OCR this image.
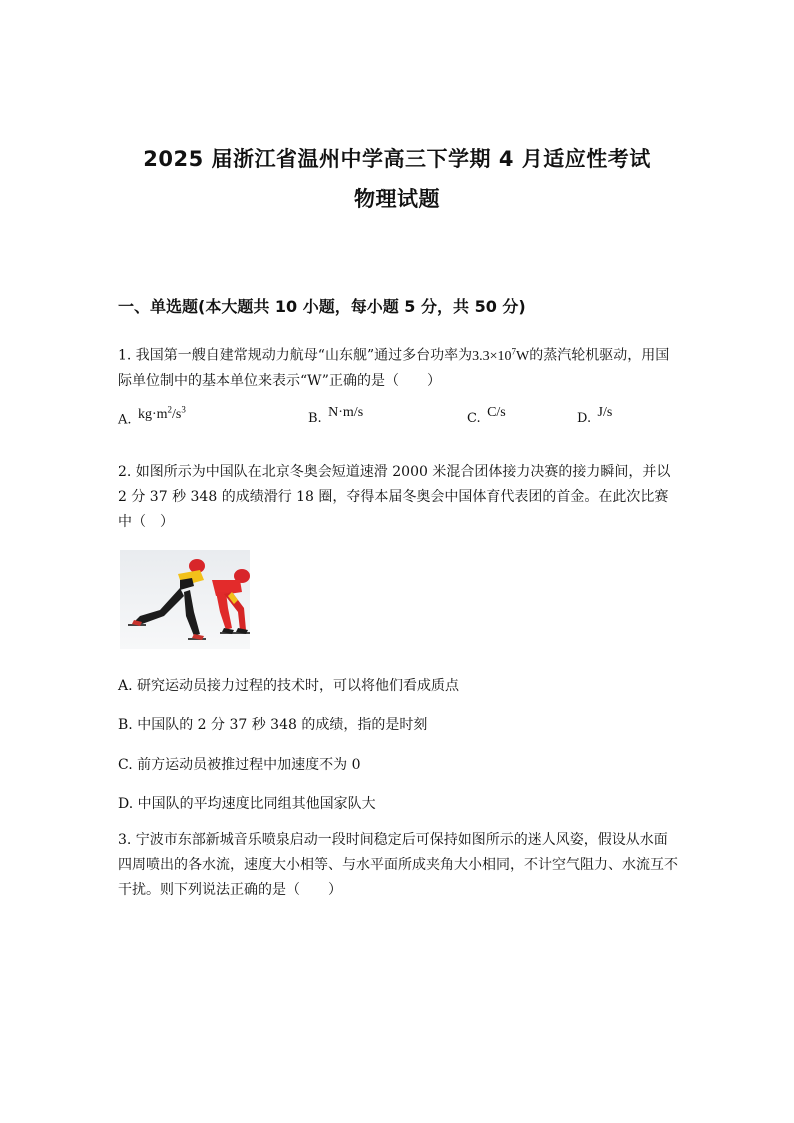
2025 届浙江省温州中学高三下学期 4 月适应性考试
物理试题
一、单选题(本大题共 10 小题，每小题 5 分，共 50 分)
1. 我国第一艘自建常规动力航母“山东舰”通过多台功率为$3.3\times 10^7W$的蒸汽轮机驱动，用国际单位制中的基本单位来表示“W”正确的是（　　）
A. $kg\cdot m^2/s^3$
B. N·m/s	C. C/s	D. J/s
2. 如图所示为中国队在北京冬奥会短道速滑 2000 米混合团体接力决赛的接力瞬间，并以 2 分 37 秒 348 的成绩滑行 18 圈，夺得本届冬奥会中国体育代表团的首金。在此次比赛中（　）
A. 研究运动员接力过程的技术时，可以将他们看成质点
B. 中国队的 2 分 37 秒 348 的成绩，指的是时刻
C. 前方运动员被推过程中加速度不为 0
D. 中国队的平均速度比同组其他国家队大
3. 宁波市东部新城音乐喷泉启动一段时间稳定后可保持如图所示的迷人风姿，假设从水面四周喷出的各水流，速度大小相等、与水平面所成夹角大小相同，不计空气阻力、水流互不干扰。则下列说法正确的是（　　）
